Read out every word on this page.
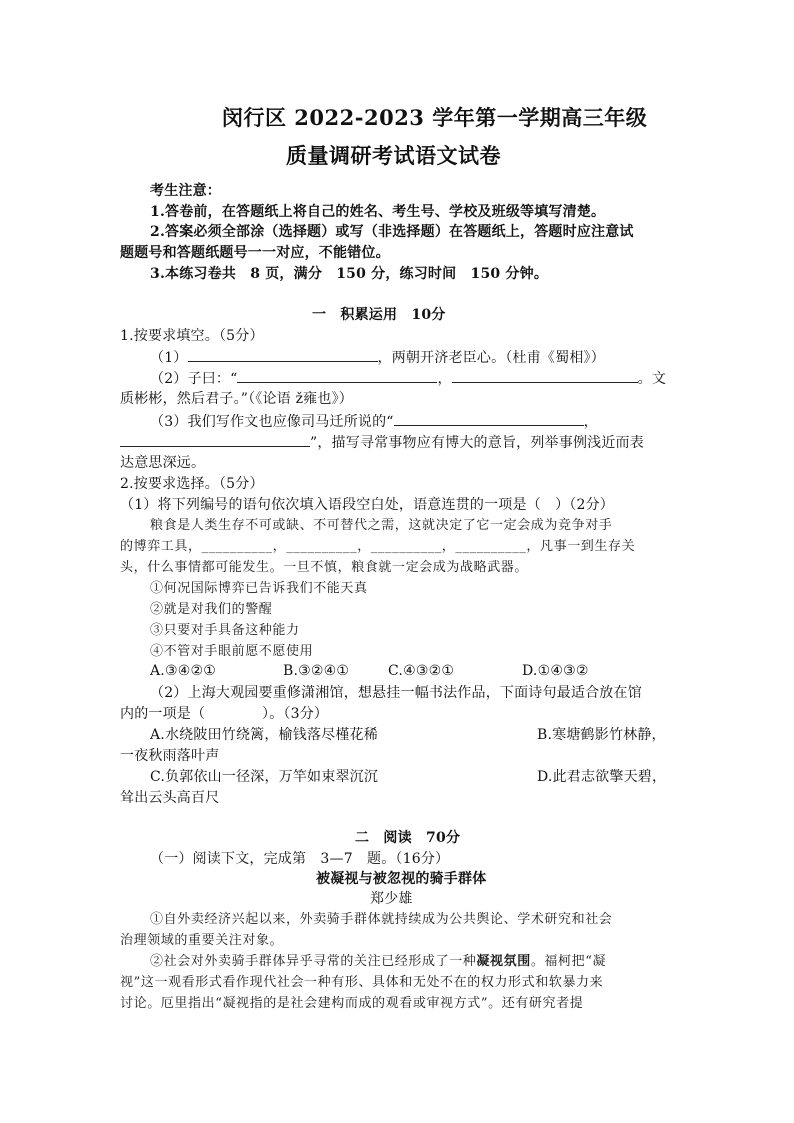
闵行区 2022-2023 学年第一学期高三年级
质量调研考试语文试卷
考生注意：
1.答卷前，在答题纸上将自己的姓名、考生号、学校及班级等填写清楚。
2.答案必须全部涂（选择题）或写（非选择题）在答题纸上，答题时应注意试
题题号和答题纸题号一一对应，不能错位。
3.本练习卷共　8 页，满分　150 分，练习时间　150 分钟。
一　积累运用　10分
1.按要求填空。（5分）
（1）	，两朝开济老臣心。（杜甫《蜀相》）
（2）子曰：“	，	。文
质彬彬，然后君子。”（《论语 ž雍也》）
（3）我们写作文也应像司马迁所说的“	，
”，描写寻常事物应有博大的意旨，列举事例浅近而表
达意思深远。
2.按要求选择。（5分）
（1）将下列编号的语句依次填入语段空白处，语意连贯的一项是（　）（2分）
粮食是人类生存不可或缺、不可替代之需，这就决定了它一定会成为竞争对手
的博弈工具，__________，__________，__________，__________，凡事一到生存关
头，什么事情都可能发生。一旦不慎，粮食就一定会成为战略武器。
①何况国际博弈已告诉我们不能天真
②就是对我们的警醒
③只要对手具备这种能力
④不管对手眼前愿不愿使用
A.③④②①	B.③②④①	C.④③②①	D.①④③②
（2）上海大观园要重修潇湘馆，想悬挂一幅书法作品，下面诗句最适合放在馆
内的一项是（　　　　）。（3分）
A.水绕陂田竹绕篱，榆钱落尽槿花稀	B.寒塘鹤影竹林静，
一夜秋雨落叶声
C.负郭依山一径深，万竿如束翠沉沉	D.此君志欲擎天碧，
耸出云头高百尺
二　阅读　70分
（一）阅读下文，完成第　3—7　题。（16分）
被凝视与被忽视的骑手群体
郑少雄
①自外卖经济兴起以来，外卖骑手群体就持续成为公共舆论、学术研究和社会
治理领域的重要关注对象。
②社会对外卖骑手群体异乎寻常的关注已经形成了一种凝视氛围。福柯把“凝
视”这一观看形式看作现代社会一种有形、具体和无处不在的权力形式和软暴力来
讨论。厄里指出“凝视指的是社会建构而成的观看或审视方式”。还有研究者提
